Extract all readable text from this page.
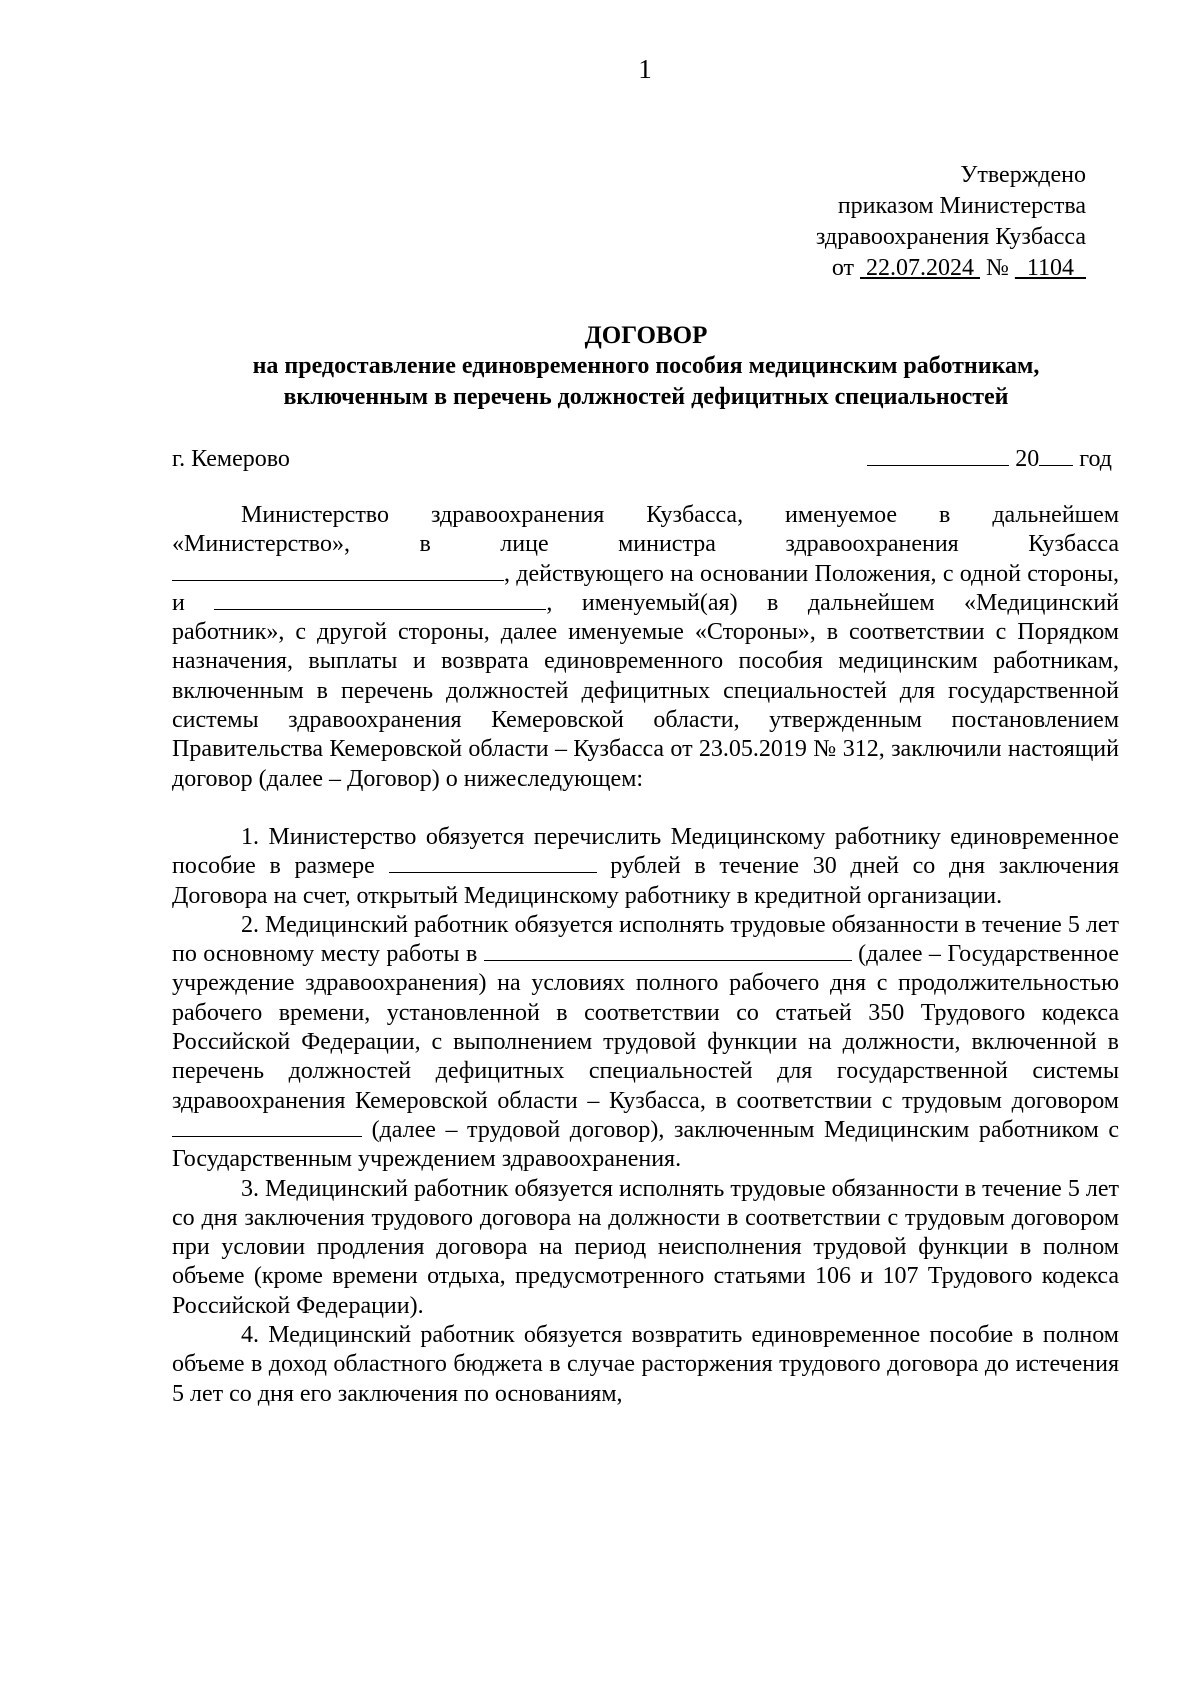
1
Утверждено
приказом Министерства
здравоохранения Кузбасса
от  22.07.2024  №   1104
ДОГОВОР
на предоставление единовременного пособия медицинским работникам,
включенным в перечень должностей дефицитных специальностей
г. Кемерово	20 год

Министерство здравоохранения Кузбасса, именуемое в дальнейшем «Министерство», в лице министра здравоохранения Кузбасса , действующего на основании Положения, с одной стороны, и	, именуемый(ая) в дальнейшем «Медицинский работник», с другой стороны, далее именуемые «Стороны», в соответствии с Порядком назначения, выплаты и возврата единовременного пособия медицинским работникам, включенным в перечень должностей дефицитных специальностей для государственной системы здравоохранения Кемеровской области, утвержденным постановлением Правительства Кемеровской области – Кузбасса от 23.05.2019 № 312, заключили настоящий договор (далее – Договор) о нижеследующем:

1. Министерство обязуется перечислить Медицинскому работнику единовременное пособие в размере	рублей в течение 30 дней со дня заключения Договора на счет, открытый Медицинскому работнику в кредитной организации.

2. Медицинский работник обязуется исполнять трудовые обязанности в течение 5 лет по основному месту работы в	(далее – Государственное учреждение здравоохранения) на условиях полного рабочего дня с продолжительностью рабочего времени, установленной в соответствии со статьей 350 Трудового кодекса Российской Федерации, с выполнением трудовой функции на должности, включенной в перечень должностей дефицитных специальностей для государственной системы здравоохранения Кемеровской области – Кузбасса, в соответствии с трудовым договором  (далее – трудовой договор), заключенным Медицинским работником с Государственным учреждением здравоохранения.

3. Медицинский работник обязуется исполнять трудовые обязанности в течение 5 лет со дня заключения трудового договора на должности в соответствии с трудовым договором при условии продления договора на период неисполнения трудовой функции в полном объеме (кроме времени отдыха, предусмотренного статьями 106 и 107 Трудового кодекса Российской Федерации).

4. Медицинский работник обязуется возвратить единовременное пособие в полном объеме в доход областного бюджета в случае расторжения трудового договора до истечения 5 лет со дня его заключения по основаниям,
